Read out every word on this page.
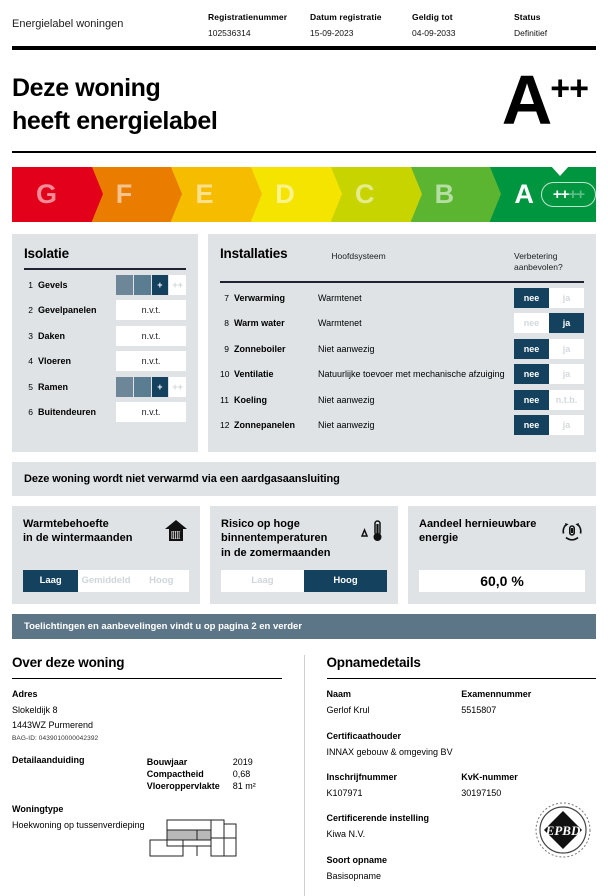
Energielabel woningen
Registratienummer
102536314
Datum registratie
15-09-2023
Geldig tot
04-09-2033
Status
Definitief
Deze woning
heeft energielabel	A++
G F E D C B A ++ ++
Isolatie
1 Gevels	+	++
2 Gevelpanelen	n.v.t.
3 Daken	n.v.t.
4 Vloeren	n.v.t.
5 Ramen	+	++
6 Buitendeuren	n.v.t.
Installaties	Hoofdsysteem	Verbetering
aanbevolen?
7 Verwarming	Warmtenet	nee	ja
8 Warm water	Warmtenet	nee	ja
9 Zonneboiler	Niet aanwezig	nee	ja
10 Ventilatie	Natuurlijke toevoer met mechanische afzuiging	nee	ja
11 Koeling	Niet aanwezig	nee	n.t.b.
12 Zonnepanelen	Niet aanwezig	nee	ja
Deze woning wordt niet verwarmd via een aardgasaansluiting
Warmtebehoefte
in de wintermaanden
Laag	Gemiddeld	Hoog
Risico op hoge
binnentemperaturen
in de zomermaanden
Laag	Hoog
Aandeel hernieuwbare
energie
60,0 %
Toelichtingen en aanbevelingen vindt u op pagina 2 en verder
Over deze woning
Adres
Slokeldijk 8
1443WZ Purmerend
BAG-ID: 0439010000042392
Detailaanduiding	Bouwjaar	2019
Compactheid	0,68
Vloeroppervlakte	81 m²
Woningtype
Hoekwoning op tussenverdieping
Opnamedetails
Naam
Gerlof Krul
Examennummer
5515807
Certificaathouder
INNAX gebouw & omgeving BV
Inschrijfnummer
K107971
KvK-nummer
30197150
Certificerende instelling
Kiwa N.V.
Soort opname
Basisopname
EPBD
